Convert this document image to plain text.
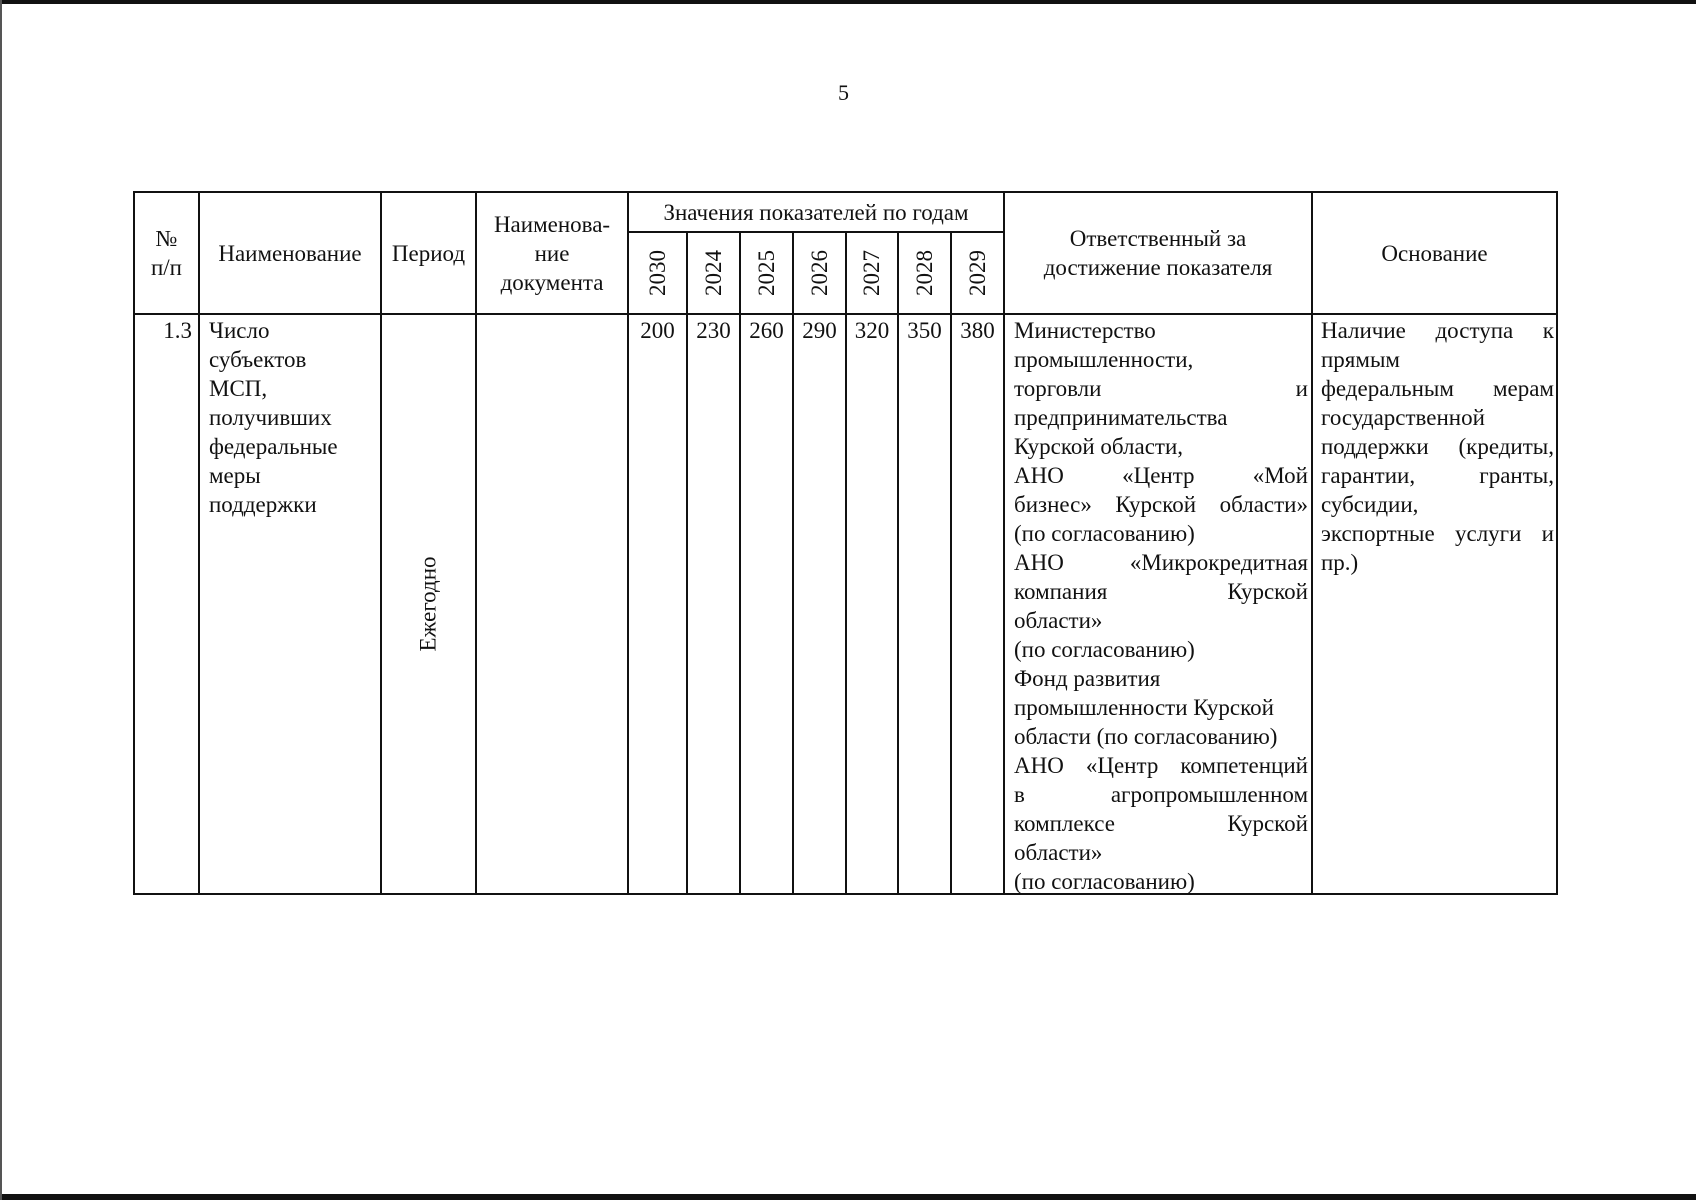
5
№
п/п
Наименование	Период
Наименова-
ние
документа
Значения показателей по годам
2024 2025 2026 2027 2028 2029
2030
Ответственный за
достижение показателя
Основание
1.3 Число
субъектов
МСП,
получивших
федеральные
меры
поддержки
Ежегодно
200 230 260 290 320 350 380 Министерство
промышленности,
торговли и
предпринимательства
Курской области,
АНО «Центр «Мой
бизнес» Курской области»
(по согласованию)
АНО «Микрокредитная
компания Курской
области»
(по согласованию)
Фонд развития
промышленности Курской
области (по согласованию)
АНО «Центр компетенций
в агропромышленном
комплексе Курской
области»
(по согласованию)
Наличие доступа к
прямым
федеральным мерам
государственной
поддержки (кредиты,
гарантии, гранты,
субсидии,
экспортные услуги и
пр.)
